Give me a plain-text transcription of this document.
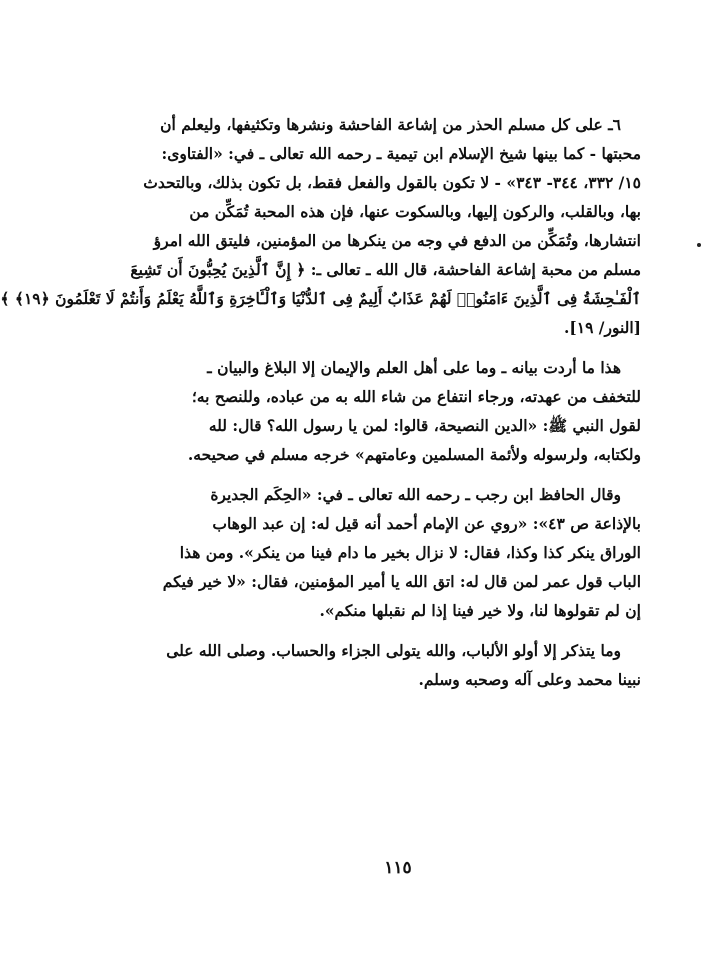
٦ـ على كل مسلم الحذر من إشاعة الفاحشة ونشرها وتكثيفها، وليعلم أن
محبتها - كما بينها شيخ الإسلام ابن تيمية ـ رحمه الله تعالى ـ في: «الفتاوى:
١٥/ ٣٣٢، ٣٤٤- ٣٤٣» - لا تكون بالقول والفعل فقط، بل تكون بذلك، وبالتحدث
بها، وبالقلب، والركون إليها، وبالسكوت عنها، فإن هذه المحبة تُمَكِّن من
انتشارها، وتُمَكِّن من الدفع في وجه من ينكرها من المؤمنين، فليتق الله امرؤ
مسلم من محبة إشاعة الفاحشة، قال الله ـ تعالى ـ: ﴿ إِنَّ ٱلَّذِينَ يُحِبُّونَ أَن تَشِيعَ
ٱلْفَـٰحِشَةُ فِى ٱلَّذِينَ ءَامَنُوا۟ لَهُمْ عَذَابٌ أَلِيمٌ فِى ٱلدُّنْيَا وَٱلْـَٔاخِرَةِ وَٱللَّهُ يَعْلَمُ وَأَنتُمْ لَا تَعْلَمُونَ ﴿١٩﴾ ﴾
[النور/ ١٩].

هذا ما أردت بيانه ـ وما على أهل العلم والإيمان إلا البلاغ والبيان ـ
للتخفف من عهدته، ورجاء انتفاع من شاء الله به من عباده، وللنصح به؛
لقول النبي ﷺ: «الدين النصيحة، قالوا: لمن يا رسول الله؟ قال: لله
ولكتابه، ولرسوله ولأئمة المسلمين وعامتهم» خرجه مسلم في صحيحه.

وقال الحافظ ابن رجب ـ رحمه الله تعالى ـ في: «الحِكَم الجديرة
بالإذاعة ص ٤٣»: «روي عن الإمام أحمد أنه قيل له: إن عبد الوهاب
الوراق ينكر كذا وكذا، فقال: لا نزال بخير ما دام فينا من ينكر». ومن هذا
الباب قول عمر لمن قال له: اتق الله يا أمير المؤمنين، فقال: «لا خير فيكم
إن لم تقولوها لنا، ولا خير فينا إذا لم نقبلها منكم».

وما يتذكر إلا أولو الألباب، والله يتولى الجزاء والحساب. وصلى الله على
نبينا محمد وعلى آله وصحبه وسلم.

١١٥
